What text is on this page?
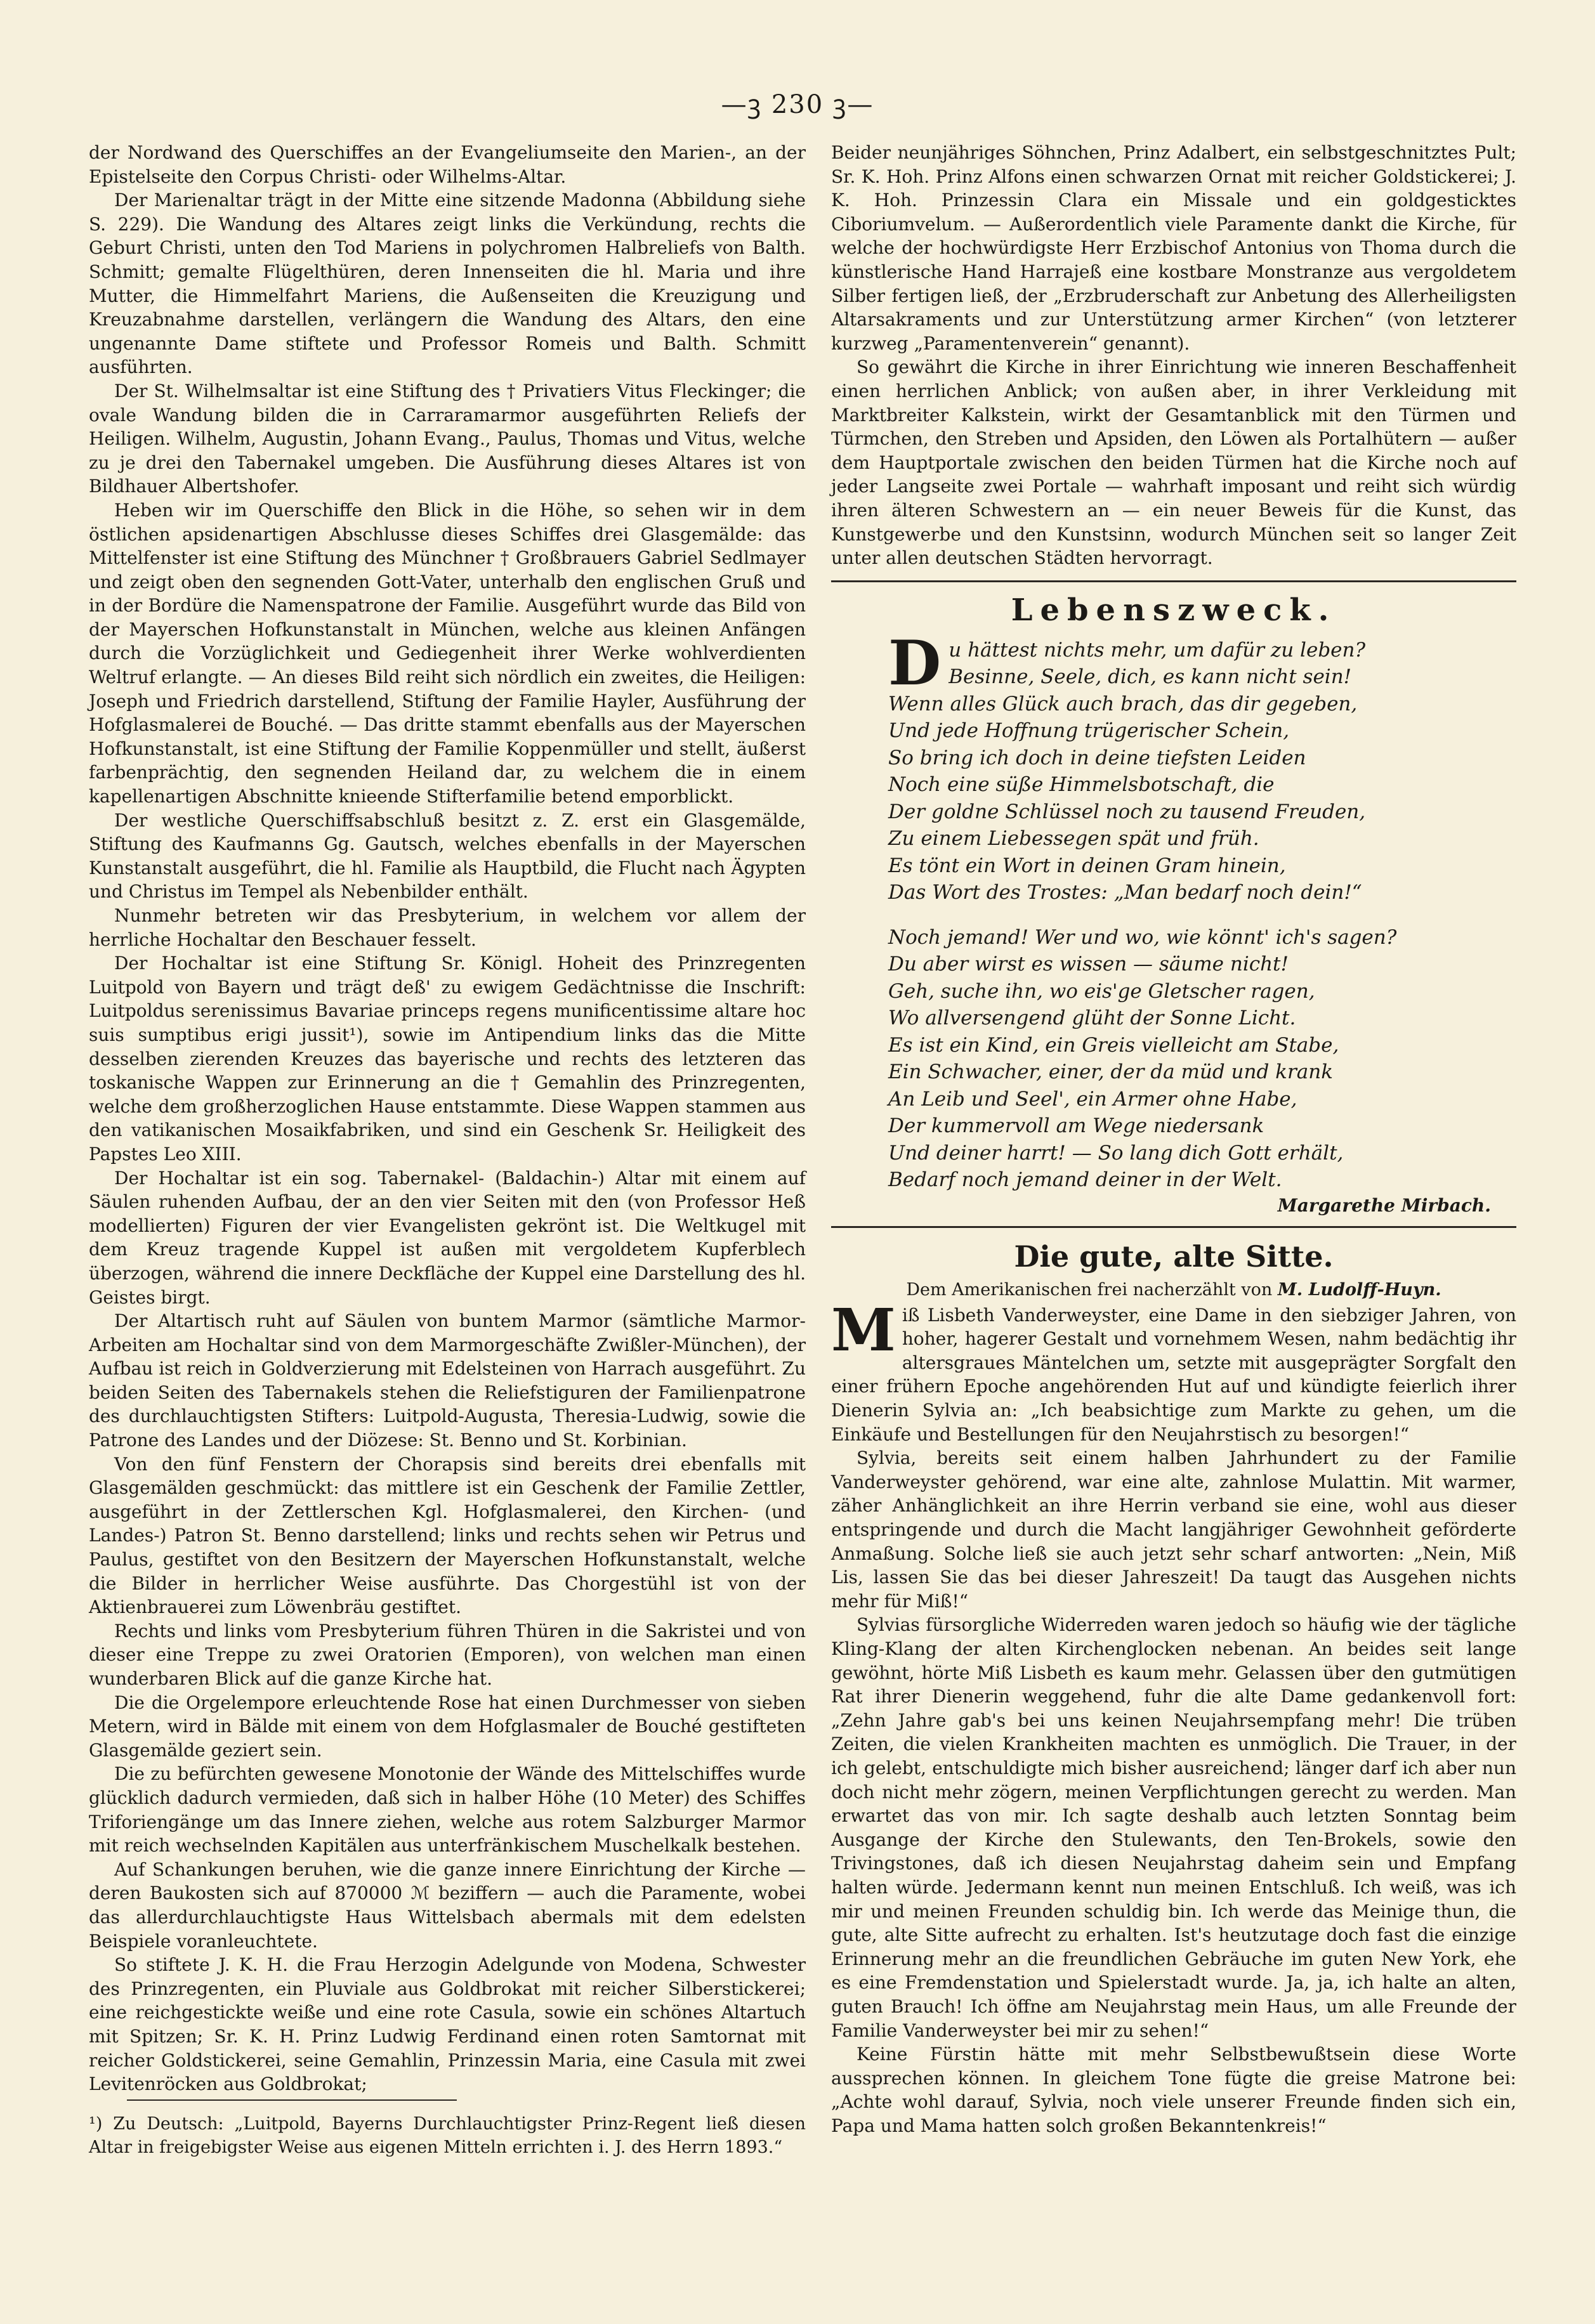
—ꝫ 230 ꝫ—

der Nordwand des Querschiffes an der Evangeliumseite den Marien-, an der Epistelseite den Corpus Christi- oder Wilhelms-Altar.

Der Marienaltar trägt in der Mitte eine sitzende Madonna (Abbildung siehe S. 229). Die Wandung des Altares zeigt links die Verkündung, rechts die Geburt Christi, unten den Tod Mariens in polychromen Halbreliefs von Balth. Schmitt; gemalte Flügelthüren, deren Innenseiten die hl. Maria und ihre Mutter, die Himmelfahrt Mariens, die Außenseiten die Kreuzigung und Kreuzabnahme darstellen, verlängern die Wandung des Altars, den eine ungenannte Dame stiftete und Professor Romeis und Balth. Schmitt ausführten.

Der St. Wilhelmsaltar ist eine Stiftung des † Privatiers Vitus Fleckinger; die ovale Wandung bilden die in Carraramarmor ausgeführten Reliefs der Heiligen. Wilhelm, Augustin, Johann Evang., Paulus, Thomas und Vitus, welche zu je drei den Tabernakel umgeben. Die Ausführung dieses Altares ist von Bildhauer Albertshofer.

Heben wir im Querschiffe den Blick in die Höhe, so sehen wir in dem östlichen apsidenartigen Abschlusse dieses Schiffes drei Glasgemälde: das Mittelfenster ist eine Stiftung des Münchner † Großbrauers Gabriel Sedlmayer und zeigt oben den segnenden Gott-Vater, unterhalb den englischen Gruß und in der Bordüre die Namenspatrone der Familie. Ausgeführt wurde das Bild von der Mayerschen Hofkunstanstalt in München, welche aus kleinen Anfängen durch die Vorzüglichkeit und Gediegenheit ihrer Werke wohlverdienten Weltruf erlangte. — An dieses Bild reiht sich nördlich ein zweites, die Heiligen: Joseph und Friedrich darstellend, Stiftung der Familie Hayler, Ausführung der Hofglasmalerei de Bouché. — Das dritte stammt ebenfalls aus der Mayerschen Hofkunstanstalt, ist eine Stiftung der Familie Koppenmüller und stellt, äußerst farbenprächtig, den segnenden Heiland dar, zu welchem die in einem kapellenartigen Abschnitte knieende Stifterfamilie betend emporblickt.

Der westliche Querschiffsabschluß besitzt z. Z. erst ein Glasgemälde, Stiftung des Kaufmanns Gg. Gautsch, welches ebenfalls in der Mayerschen Kunstanstalt ausgeführt, die hl. Familie als Hauptbild, die Flucht nach Ägypten und Christus im Tempel als Nebenbilder enthält.

Nunmehr betreten wir das Presbyterium, in welchem vor allem der herrliche Hochaltar den Beschauer fesselt.

Der Hochaltar ist eine Stiftung Sr. Königl. Hoheit des Prinzregenten Luitpold von Bayern und trägt deß' zu ewigem Gedächtnisse die Inschrift: Luitpoldus serenissimus Bavariae princeps regens munificentissime altare hoc suis sumptibus erigi jussit¹), sowie im Antipendium links das die Mitte desselben zierenden Kreuzes das bayerische und rechts des letzteren das toskanische Wappen zur Erinnerung an die † Gemahlin des Prinzregenten, welche dem großherzoglichen Hause entstammte. Diese Wappen stammen aus den vatikanischen Mosaikfabriken, und sind ein Geschenk Sr. Heiligkeit des Papstes Leo XIII.

Der Hochaltar ist ein sog. Tabernakel- (Baldachin-) Altar mit einem auf Säulen ruhenden Aufbau, der an den vier Seiten mit den (von Professor Heß modellierten) Figuren der vier Evangelisten gekrönt ist. Die Weltkugel mit dem Kreuz tragende Kuppel ist außen mit vergoldetem Kupferblech überzogen, während die innere Deckfläche der Kuppel eine Darstellung des hl. Geistes birgt.

Der Altartisch ruht auf Säulen von buntem Marmor (sämtliche Marmor-Arbeiten am Hochaltar sind von dem Marmorgeschäfte Zwißler-München), der Aufbau ist reich in Goldverzierung mit Edelsteinen von Harrach ausgeführt. Zu beiden Seiten des Tabernakels stehen die Reliefstiguren der Familienpatrone des durchlauchtigsten Stifters: Luitpold-Augusta, Theresia-Ludwig, sowie die Patrone des Landes und der Diözese: St. Benno und St. Korbinian.

Von den fünf Fenstern der Chorapsis sind bereits drei ebenfalls mit Glasgemälden geschmückt: das mittlere ist ein Geschenk der Familie Zettler, ausgeführt in der Zettlerschen Kgl. Hofglasmalerei, den Kirchen- (und Landes-) Patron St. Benno darstellend; links und rechts sehen wir Petrus und Paulus, gestiftet von den Besitzern der Mayerschen Hofkunstanstalt, welche die Bilder in herrlicher Weise ausführte. Das Chorgestühl ist von der Aktienbrauerei zum Löwenbräu gestiftet.

Rechts und links vom Presbyterium führen Thüren in die Sakristei und von dieser eine Treppe zu zwei Oratorien (Emporen), von welchen man einen wunderbaren Blick auf die ganze Kirche hat.

Die die Orgelempore erleuchtende Rose hat einen Durchmesser von sieben Metern, wird in Bälde mit einem von dem Hofglasmaler de Bouché gestifteten Glasgemälde geziert sein.

Die zu befürchten gewesene Monotonie der Wände des Mittelschiffes wurde glücklich dadurch vermieden, daß sich in halber Höhe (10 Meter) des Schiffes Triforiengänge um das Innere ziehen, welche aus rotem Salzburger Marmor mit reich wechselnden Kapitälen aus unterfränkischem Muschelkalk bestehen.

Auf Schankungen beruhen, wie die ganze innere Einrichtung der Kirche — deren Baukosten sich auf 870000 ℳ beziffern — auch die Paramente, wobei das allerdurchlauchtigste Haus Wittelsbach abermals mit dem edelsten Beispiele voranleuchtete.

So stiftete J. K. H. die Frau Herzogin Adelgunde von Modena, Schwester des Prinzregenten, ein Pluviale aus Goldbrokat mit reicher Silberstickerei; eine reichgestickte weiße und eine rote Casula, sowie ein schönes Altartuch mit Spitzen; Sr. K. H. Prinz Ludwig Ferdinand einen roten Samtornat mit reicher Goldstickerei, seine Gemahlin, Prinzessin Maria, eine Casula mit zwei Levitenröcken aus Goldbrokat;

¹) Zu Deutsch: „Luitpold, Bayerns Durchlauchtigster Prinz-Regent ließ diesen Altar in freigebigster Weise aus eigenen Mitteln errichten i. J. des Herrn 1893.“

Beider neunjähriges Söhnchen, Prinz Adalbert, ein selbstgeschnitztes Pult; Sr. K. Hoh. Prinz Alfons einen schwarzen Ornat mit reicher Goldstickerei; J. K. Hoh. Prinzessin Clara ein Missale und ein goldgesticktes Ciboriumvelum. — Außerordentlich viele Paramente dankt die Kirche, für welche der hochwürdigste Herr Erzbischof Antonius von Thoma durch die künstlerische Hand Harrajeß eine kostbare Monstranze aus vergoldetem Silber fertigen ließ, der „Erzbruderschaft zur Anbetung des Allerheiligsten Altarsakraments und zur Unterstützung armer Kirchen“ (von letzterer kurzweg „Paramentenverein“ genannt).

So gewährt die Kirche in ihrer Einrichtung wie inneren Beschaffenheit einen herrlichen Anblick; von außen aber, in ihrer Verkleidung mit Marktbreiter Kalkstein, wirkt der Gesamtanblick mit den Türmen und Türmchen, den Streben und Apsiden, den Löwen als Portalhütern — außer dem Hauptportale zwischen den beiden Türmen hat die Kirche noch auf jeder Langseite zwei Portale — wahrhaft imposant und reiht sich würdig ihren älteren Schwestern an — ein neuer Beweis für die Kunst, das Kunstgewerbe und den Kunstsinn, wodurch München seit so langer Zeit unter allen deutschen Städten hervorragt.

Lebenszweck.
Du hättest nichts mehr, um dafür zu leben?
Besinne, Seele, dich, es kann nicht sein!
Wenn alles Glück auch brach, das dir gegeben,
Und jede Hoffnung trügerischer Schein,
So bring ich doch in deine tiefsten Leiden
Noch eine süße Himmelsbotschaft, die
Der goldne Schlüssel noch zu tausend Freuden,
Zu einem Liebessegen spät und früh.
Es tönt ein Wort in deinen Gram hinein,
Das Wort des Trostes: „Man bedarf noch dein!“
Noch jemand! Wer und wo, wie könnt' ich's sagen?
Du aber wirst es wissen — säume nicht!
Geh, suche ihn, wo eis'ge Gletscher ragen,
Wo allversengend glüht der Sonne Licht.
Es ist ein Kind, ein Greis vielleicht am Stabe,
Ein Schwacher, einer, der da müd und krank
An Leib und Seel', ein Armer ohne Habe,
Der kummervoll am Wege niedersank
Und deiner harrt! — So lang dich Gott erhält,
Bedarf noch jemand deiner in der Welt.
Margarethe Mirbach.
Die gute, alte Sitte.
Dem Amerikanischen frei nacherzählt von M. Ludolff-Huyn.

Miß Lisbeth Vanderweyster, eine Dame in den siebziger Jahren, von hoher, hagerer Gestalt und vornehmem Wesen, nahm bedächtig ihr altersgraues Mäntelchen um, setzte mit ausgeprägter Sorgfalt den einer frühern Epoche angehörenden Hut auf und kündigte feierlich ihrer Dienerin Sylvia an: „Ich beabsichtige zum Markte zu gehen, um die Einkäufe und Bestellungen für den Neujahrstisch zu besorgen!“

Sylvia, bereits seit einem halben Jahrhundert zu der Familie Vanderweyster gehörend, war eine alte, zahnlose Mulattin. Mit warmer, zäher Anhänglichkeit an ihre Herrin verband sie eine, wohl aus dieser entspringende und durch die Macht langjähriger Gewohnheit geförderte Anmaßung. Solche ließ sie auch jetzt sehr scharf antworten: „Nein, Miß Lis, lassen Sie das bei dieser Jahreszeit! Da taugt das Ausgehen nichts mehr für Miß!“

Sylvias fürsorgliche Widerreden waren jedoch so häufig wie der tägliche Kling-Klang der alten Kirchenglocken nebenan. An beides seit lange gewöhnt, hörte Miß Lisbeth es kaum mehr. Gelassen über den gutmütigen Rat ihrer Dienerin weggehend, fuhr die alte Dame gedankenvoll fort: „Zehn Jahre gab's bei uns keinen Neujahrsempfang mehr! Die trüben Zeiten, die vielen Krankheiten machten es unmöglich. Die Trauer, in der ich gelebt, entschuldigte mich bisher ausreichend; länger darf ich aber nun doch nicht mehr zögern, meinen Verpflichtungen gerecht zu werden. Man erwartet das von mir. Ich sagte deshalb auch letzten Sonntag beim Ausgange der Kirche den Stulewants, den Ten-Brokels, sowie den Trivingstones, daß ich diesen Neujahrstag daheim sein und Empfang halten würde. Jedermann kennt nun meinen Entschluß. Ich weiß, was ich mir und meinen Freunden schuldig bin. Ich werde das Meinige thun, die gute, alte Sitte aufrecht zu erhalten. Ist's heutzutage doch fast die einzige Erinnerung mehr an die freundlichen Gebräuche im guten New York, ehe es eine Fremdenstation und Spielerstadt wurde. Ja, ja, ich halte an alten, guten Brauch! Ich öffne am Neujahrstag mein Haus, um alle Freunde der Familie Vanderweyster bei mir zu sehen!“

Keine Fürstin hätte mit mehr Selbstbewußtsein diese Worte aussprechen können. In gleichem Tone fügte die greise Matrone bei: „Achte wohl darauf, Sylvia, noch viele unserer Freunde finden sich ein, Papa und Mama hatten solch großen Bekanntenkreis!“
